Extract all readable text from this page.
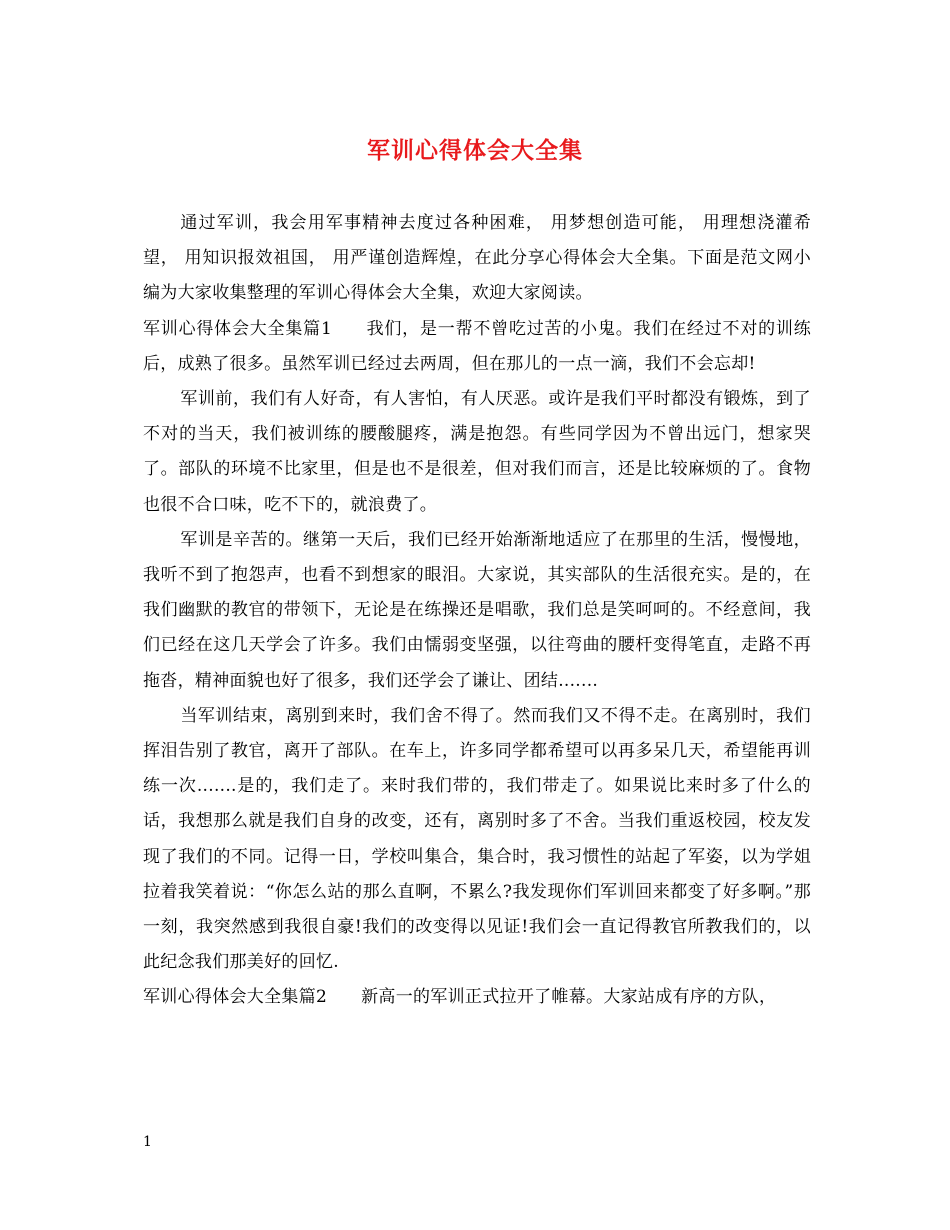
军训心得体会大全集

通过军训，我会用军事精神去度过各种困难， 用梦想创造可能， 用理想浇灌希望， 用知识报效祖国， 用严谨创造辉煌，在此分享心得体会大全集。下面是范文网小编为大家收集整理的军训心得体会大全集，欢迎大家阅读。

军训心得体会大全集篇1 我们，是一帮不曾吃过苦的小鬼。我们在经过不对的训练后，成熟了很多。虽然军训已经过去两周，但在那儿的一点一滴，我们不会忘却!

军训前，我们有人好奇，有人害怕，有人厌恶。或许是我们平时都没有锻炼，到了不对的当天，我们被训练的腰酸腿疼，满是抱怨。有些同学因为不曾出远门，想家哭了。部队的环境不比家里，但是也不是很差，但对我们而言，还是比较麻烦的了。食物也很不合口味，吃不下的，就浪费了。

军训是辛苦的。继第一天后，我们已经开始渐渐地适应了在那里的生活，慢慢地，我听不到了抱怨声，也看不到想家的眼泪。大家说，其实部队的生活很充实。是的，在我们幽默的教官的带领下，无论是在练操还是唱歌，我们总是笑呵呵的。不经意间，我们已经在这几天学会了许多。我们由懦弱变坚强，以往弯曲的腰杆变得笔直，走路不再拖沓，精神面貌也好了很多，我们还学会了谦让、团结.......

当军训结束，离别到来时，我们舍不得了。然而我们又不得不走。在离别时，我们挥泪告别了教官，离开了部队。在车上，许多同学都希望可以再多呆几天，希望能再训练一次.......是的，我们走了。来时我们带的，我们带走了。如果说比来时多了什么的话，我想那么就是我们自身的改变，还有，离别时多了不舍。当我们重返校园，校友发现了我们的不同。记得一日，学校叫集合，集合时，我习惯性的站起了军姿，以为学姐拉着我笑着说：“你怎么站的那么直啊，不累么?我发现你们军训回来都变了好多啊。”那一刻，我突然感到我很自豪!我们的改变得以见证!我们会一直记得教官所教我们的，以此纪念我们那美好的回忆.

军训心得体会大全集篇2 新高一的军训正式拉开了帷幕。大家站成有序的方队，

1
